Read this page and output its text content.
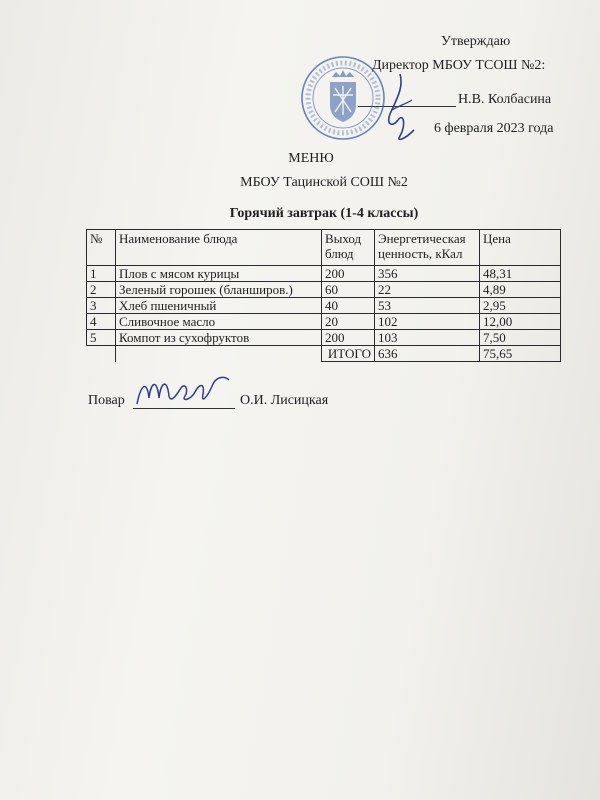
Утверждаю
Директор МБОУ ТСОШ №2:
Н.В. Колбасина
6 февраля 2023 года
МЕНЮ
МБОУ Тацинской СОШ №2
Горячий завтрак (1-4 классы)
№	Наименование блюда	Выход блюд	Энергетическая ценность, кКал	Цена
1	Плов с мясом курицы	200	356	48,31
2	Зеленый горошек (бланширов.)	60	22	4,89
3	Хлеб пшеничный	40	53	2,95
4	Сливочное масло	20	102	12,00
5	Компот из сухофруктов	200	103	7,50
		ИТОГО	636	75,65
Повар	О.И. Лисицкая
